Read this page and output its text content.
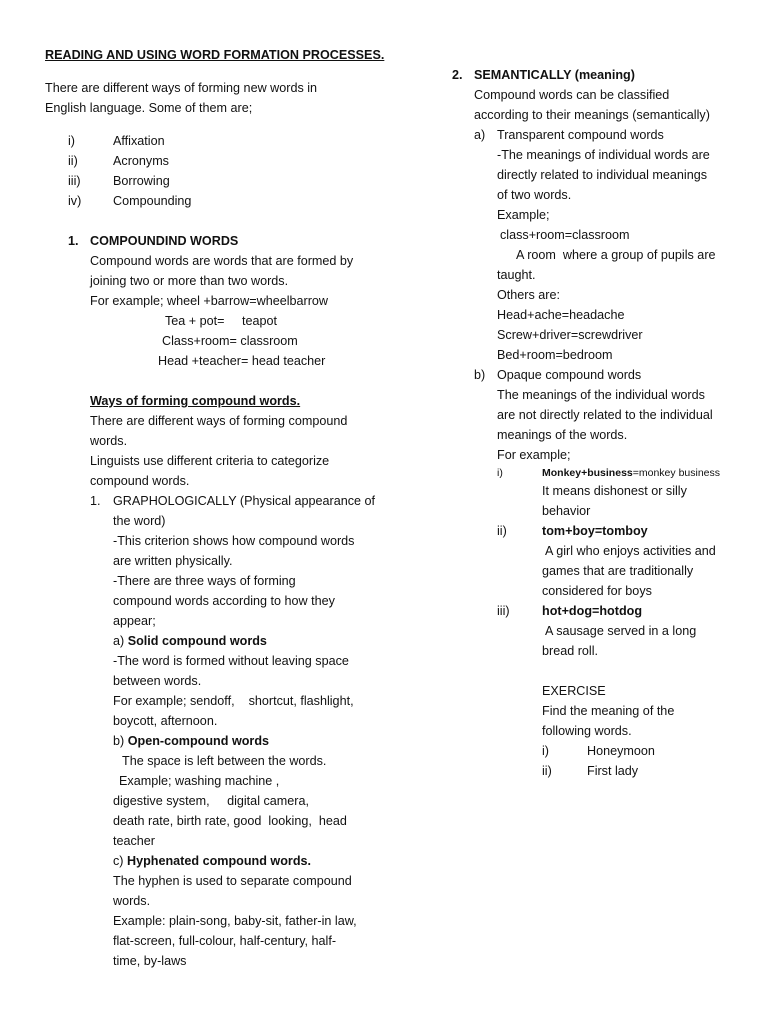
READING AND USING WORD FORMATION PROCESSES.
There are different ways of forming new words in
English language. Some of them are;
i)	Affixation
ii)	Acronyms
iii)	Borrowing
iv)	Compounding
1. COMPOUNDIND WORDS
Compound words are words that are formed by
joining two or more than two words.
For example; wheel +barrow=wheelbarrow
Tea + pot=     teapot
Class+room= classroom
Head +teacher= head teacher
Ways of forming compound words.
There are different ways of forming compound
words.
Linguists use different criteria to categorize
compound words.
1. GRAPHOLOGICALLY (Physical appearance of
the word)
-This criterion shows how compound words
are written physically.
-There are three ways of forming
compound words according to how they
appear;
a) Solid compound words
-The word is formed without leaving space
between words.
For example; sendoff,    shortcut, flashlight,
boycott, afternoon.
b) Open-compound words
The space is left between the words.
Example; washing machine ,
digestive system,     digital camera,
death rate, birth rate, good  looking,  head
teacher
c) Hyphenated compound words.
The hyphen is used to separate compound
words.
Example: plain-song, baby-sit, father-in law,
flat-screen, full-colour, half-century, half-
time, by-laws
2. SEMANTICALLY (meaning)
Compound words can be classified
according to their meanings (semantically)
a) Transparent compound words
-The meanings of individual words are
directly related to individual meanings
of two words.
Example;
class+room=classroom
A room  where a group of pupils are
taught.
Others are:
Head+ache=headache
Screw+driver=screwdriver
Bed+room=bedroom
b) Opaque compound words
The meanings of the individual words
are not directly related to the individual
meanings of the words.
For example;
i)	Monkey+business=monkey business
It means dishonest or silly
behavior
ii)	tom+boy=tomboy
A girl who enjoys activities and
games that are traditionally
considered for boys
iii)	hot+dog=hotdog
A sausage served in a long
bread roll.
EXERCISE
Find the meaning of the
following words.
i)	Honeymoon
ii)	First lady
